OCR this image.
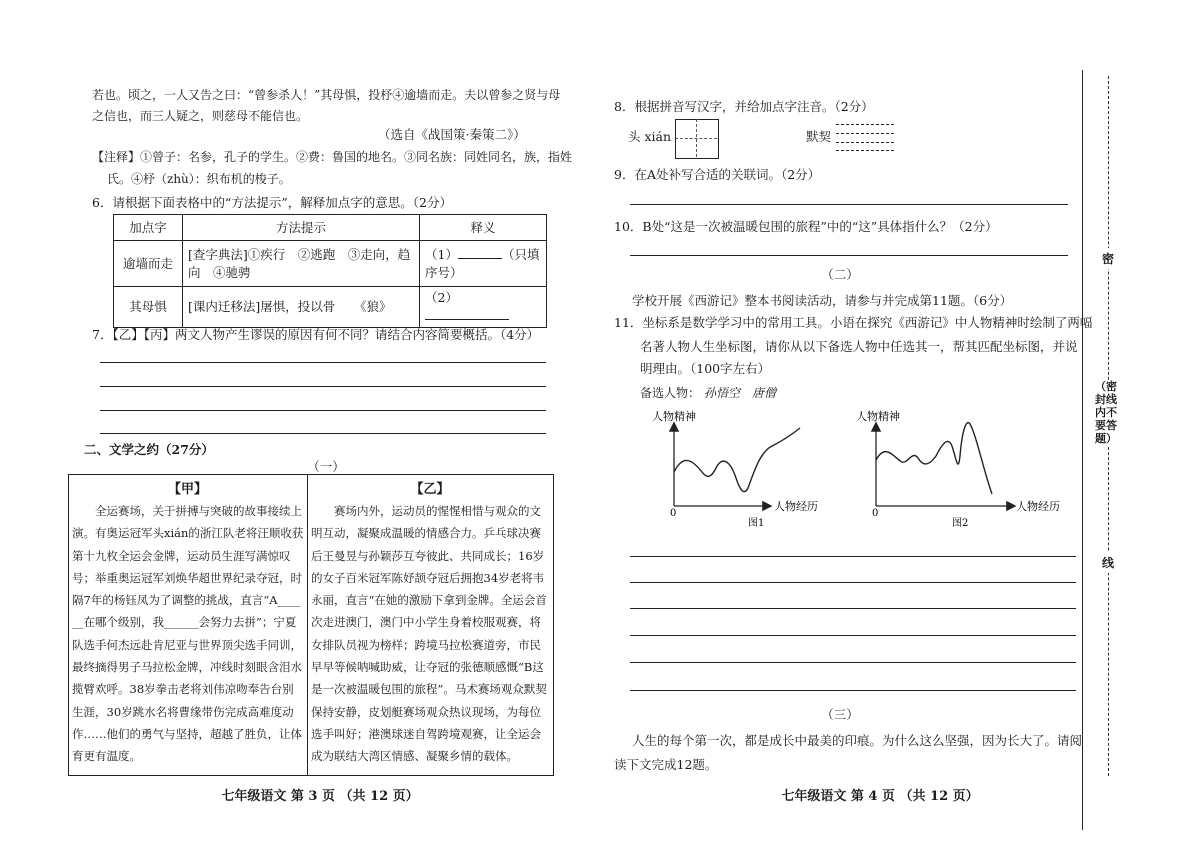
若也。顷之，一人又告之曰：“曾参杀人！”其母惧，投杼④逾墙而走。夫以曾参之贤与母
之信也，而三人疑之，则慈母不能信也。
（选自《战国策·秦策二》）
【注释】①曾子：名参，孔子的学生。②费：鲁国的地名。③同名族：同姓同名，族，指姓
氏。④杼（zhù）：织布机的梭子。
6．请根据下面表格中的“方法提示”，解释加点字的意思。（2分）
加点字	方法提示	释义
逾墙而走	[查字典法]①疾行　②逃跑　③走向，趋向　④驰骋	（1） （只填序号）
其母惧	[课内迁移法]屠惧，投以骨　　《狼》	（2）
7．【乙】【丙】两文人物产生谬误的原因有何不同？请结合内容简要概括。（4分）
二、文学之约（27分）
（一）
【甲】	【乙】
全运赛场，关于拼搏与突破的故事接续上演。有奥运冠军头xián的浙江队老将汪顺收获第十九枚全运会金牌，运动员生涯写满惊叹号；举重奥运冠军刘焕华超世界纪录夺冠，时隔7年的杨钰凤为了调整的挑战，直言“A______在哪个级别，我______会努力去拼”；宁夏队选手何杰远赴肯尼亚与世界顶尖选手同训，最终摘得男子马拉松金牌，冲线时刻眼含泪水揽臂欢呼。38岁拳击老将刘伟凉吻奉告台别生涯，30岁跳水名将曹缘带伤完成高难度动作……他们的勇气与坚持，超越了胜负，让体育更有温度。
赛场内外，运动员的惺惺相惜与观众的文明互动，凝聚成温暖的情感合力。乒乓球决赛后王曼昱与孙颖莎互夸彼此、共同成长；16岁的女子百米冠军陈妤颉夺冠后拥抱34岁老将韦永丽，直言“在她的激励下拿到金牌。全运会首次走进澳门，澳门中小学生身着校服观赛，将女排队员视为榜样；跨境马拉松赛道旁，市民早早等候呐喊助威，让夺冠的张德顺感慨“B这是一次被温暖包围的旅程”。马术赛场观众默契保持安静，皮划艇赛场观众热议现场，为每位选手叫好；港澳球迷自驾跨境观赛，让全运会成为联结大湾区情感、凝聚乡情的载体。
七年级语文 第 3 页 （共 12 页）
8．根据拼音写汉字，并给加点字注音。（2分）
头 xián	默契
9．在A处补写合适的关联词。（2分）
10．B处“这是一次被温暖包围的旅程”中的“这”具体指什么？（2分）
（二）
学校开展《西游记》整本书阅读活动，请参与并完成第11题。（6分）
11．坐标系是数学学习中的常用工具。小语在探究《西游记》中人物精神时绘制了两幅
名著人物人生坐标图，请你从以下备选人物中任选其一，帮其匹配坐标图，并说
明理由。（100字左右）
备选人物： 孙悟空　唐僧
人物精神
0
人物经历
图1
人物精神
0
人物经历
图2
（三）
人生的每个第一次，都是成长中最美的印痕。为什么这么坚强，因为长大了。请阅
读下文完成12题。
七年级语文 第 4 页 （共 12 页）
密
（密封线内不要答题）
线
